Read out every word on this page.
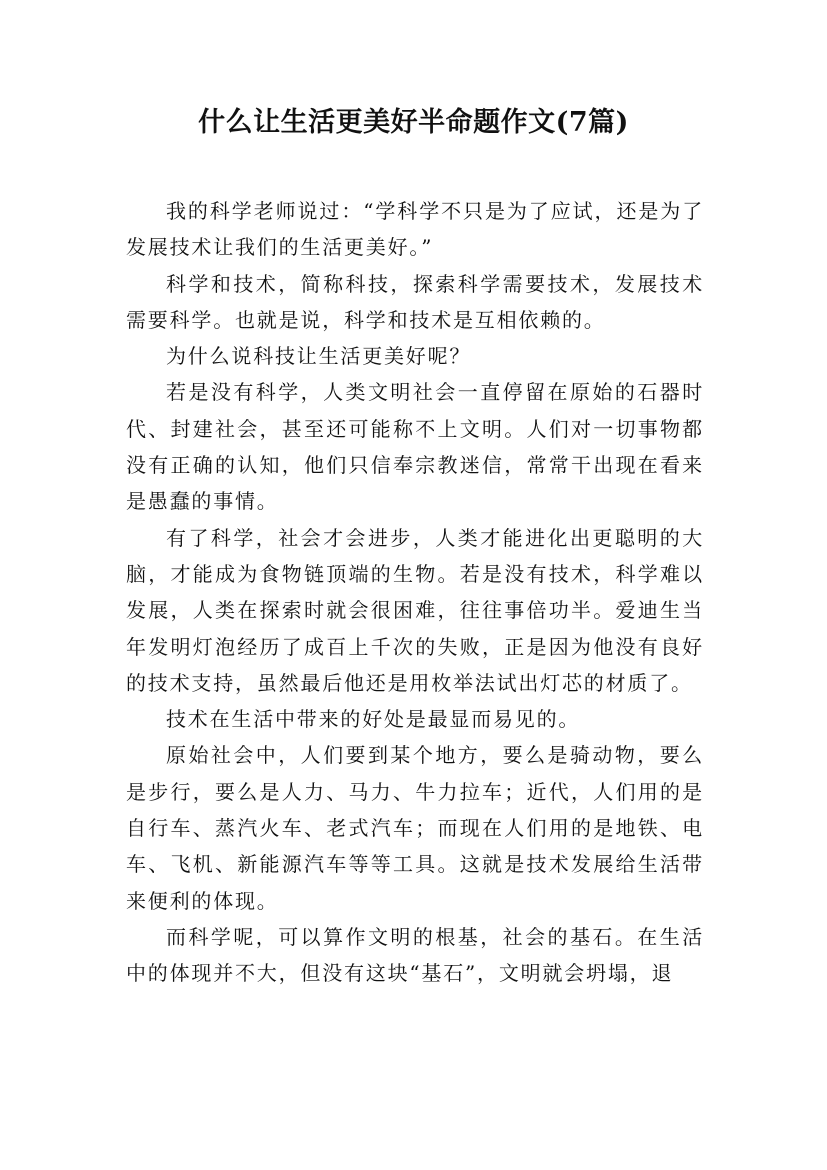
什么让生活更美好半命题作文(7篇)

我的科学老师说过：“学科学不只是为了应试，还是为了发展技术让我们的生活更美好。”

科学和技术，简称科技，探索科学需要技术，发展技术需要科学。也就是说，科学和技术是互相依赖的。

为什么说科技让生活更美好呢？

若是没有科学，人类文明社会一直停留在原始的石器时代、封建社会，甚至还可能称不上文明。人们对一切事物都没有正确的认知，他们只信奉宗教迷信，常常干出现在看来是愚蠢的事情。

有了科学，社会才会进步，人类才能进化出更聪明的大脑，才能成为食物链顶端的生物。若是没有技术，科学难以发展，人类在探索时就会很困难，往往事倍功半。爱迪生当年发明灯泡经历了成百上千次的失败，正是因为他没有良好的技术支持，虽然最后他还是用枚举法试出灯芯的材质了。

技术在生活中带来的好处是最显而易见的。

原始社会中，人们要到某个地方，要么是骑动物，要么是步行，要么是人力、马力、牛力拉车；近代，人们用的是自行车、蒸汽火车、老式汽车；而现在人们用的是地铁、电车、飞机、新能源汽车等等工具。这就是技术发展给生活带来便利的体现。

而科学呢，可以算作文明的根基，社会的基石。在生活中的体现并不大，但没有这块“基石”，文明就会坍塌，退
